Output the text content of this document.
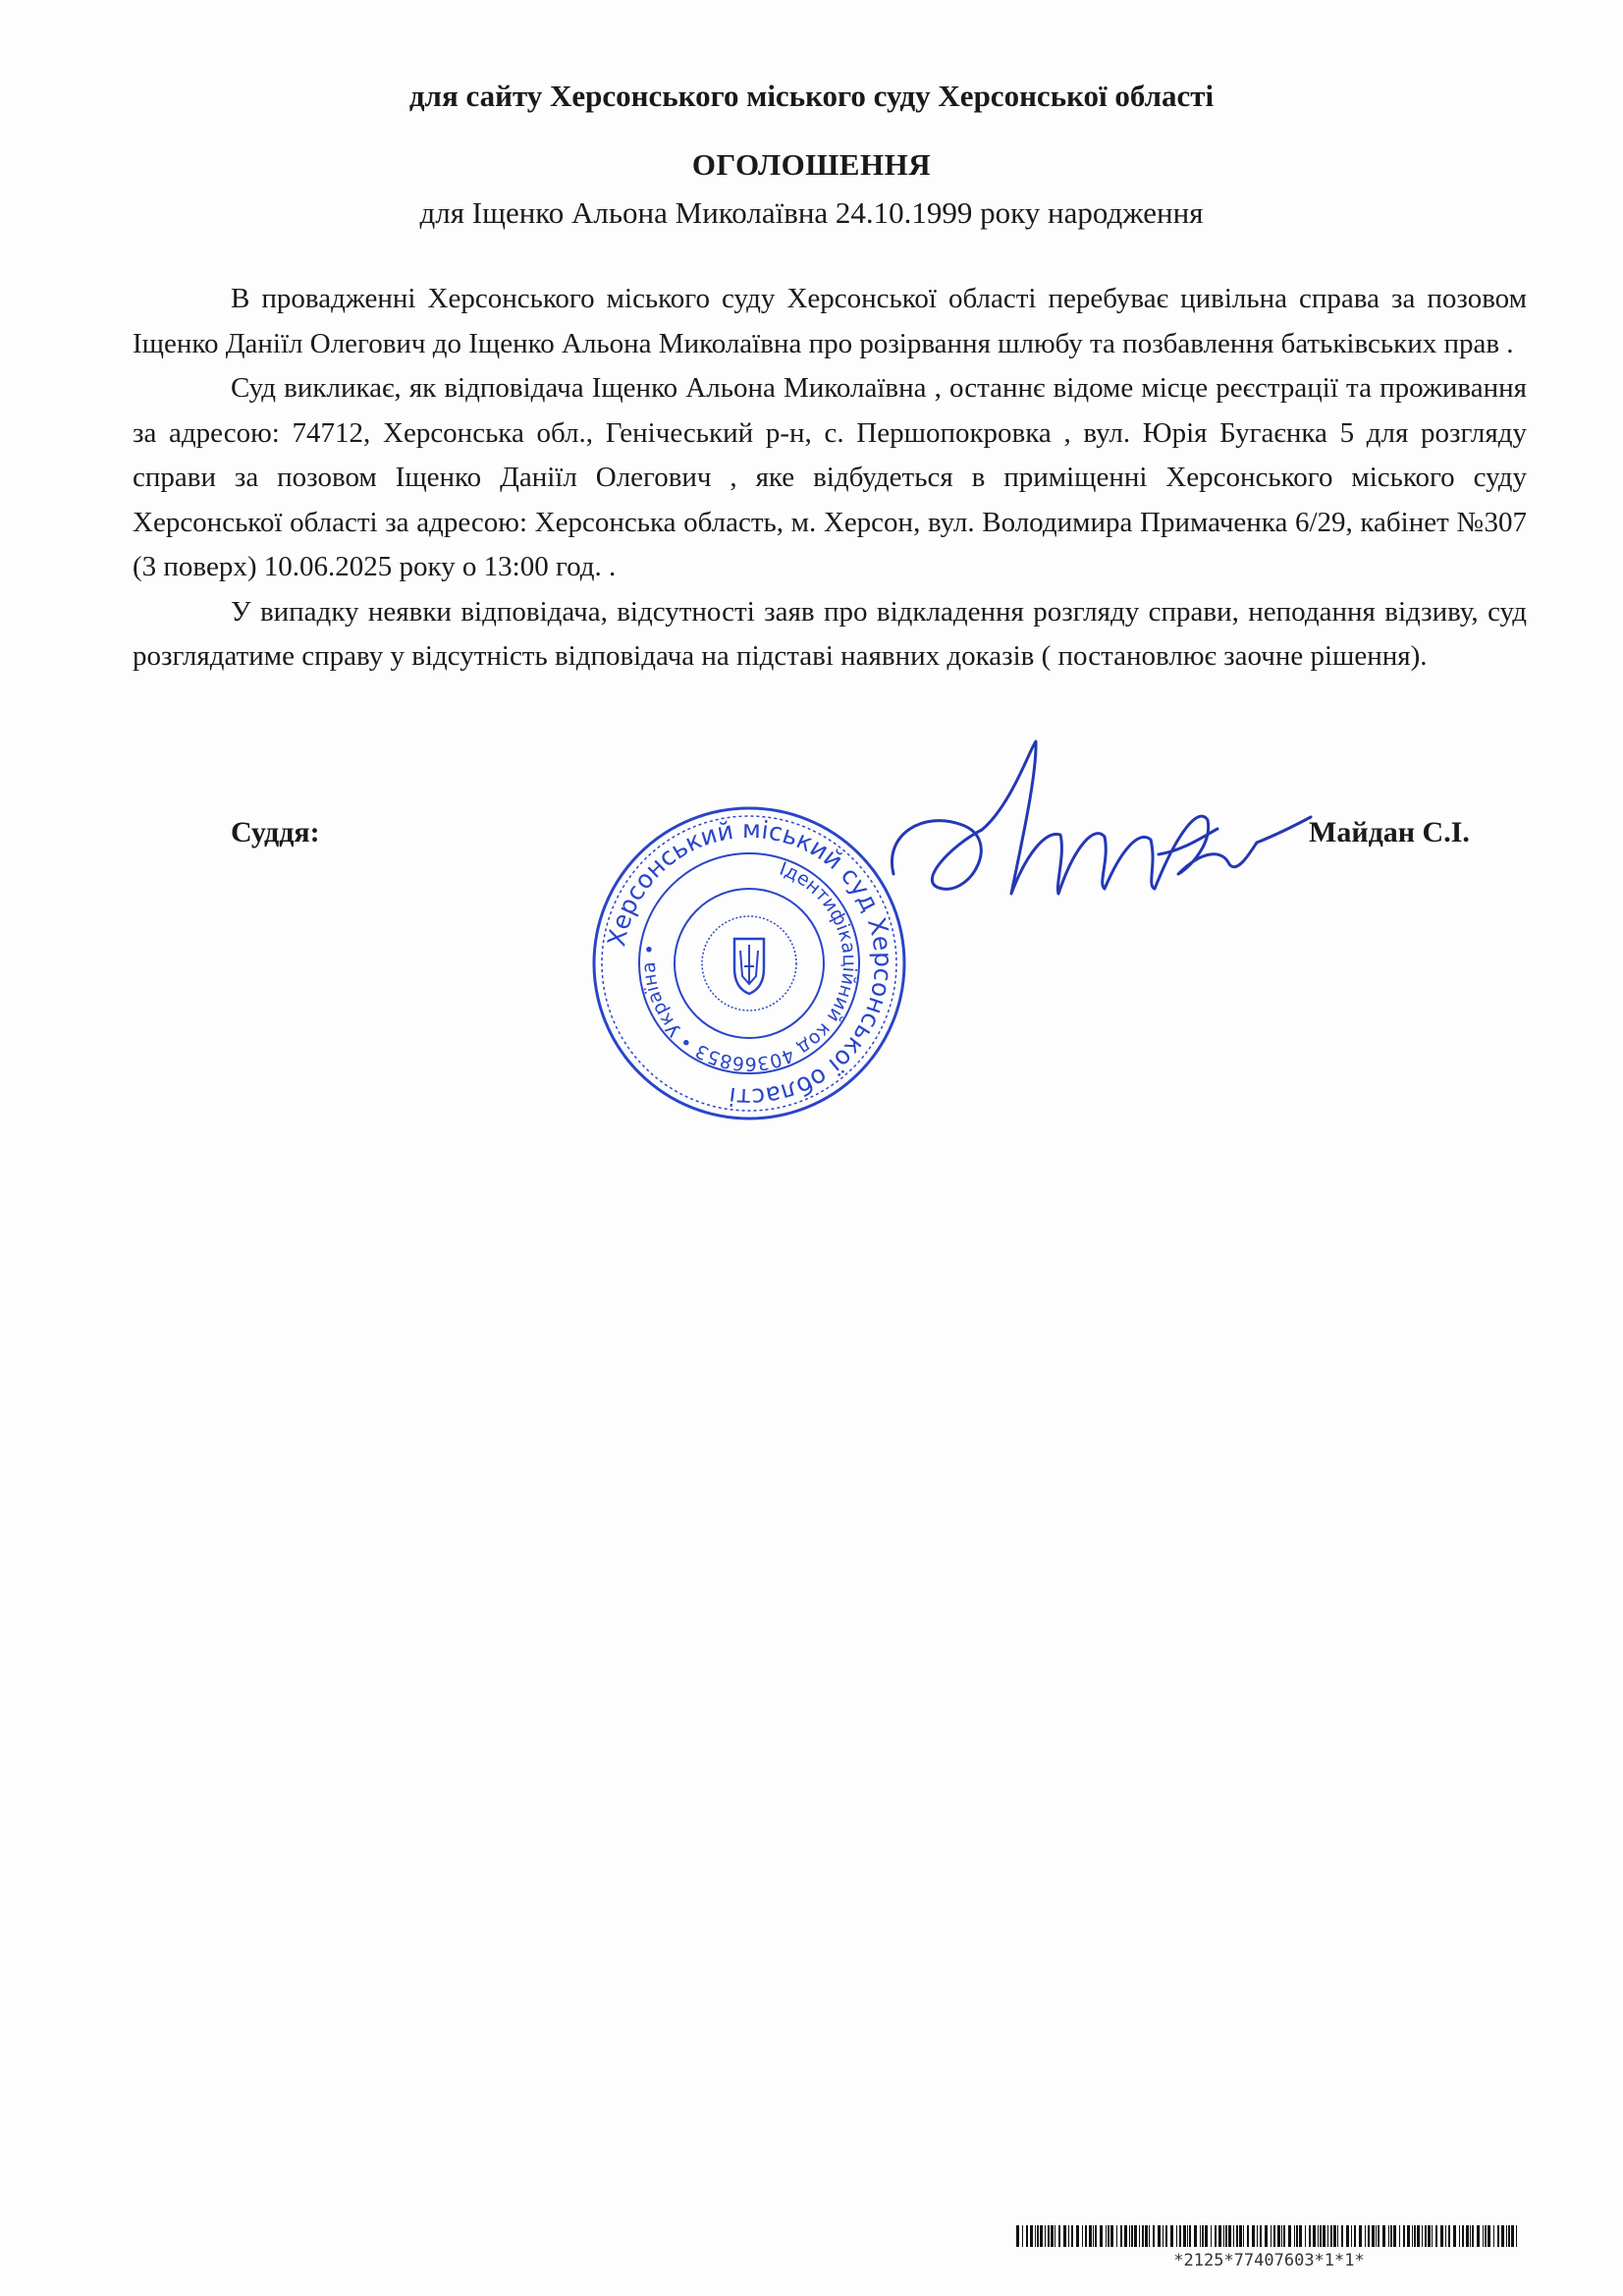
для сайту Херсонського міського суду Херсонської області
ОГОЛОШЕННЯ
для Іщенко Альона Миколаївна 24.10.1999 року народження

В провадженні Херсонського міського суду Херсонської області перебуває цивільна справа за позовом Іщенко Даніїл Олегович до Іщенко Альона Миколаївна про розірвання шлюбу та позбавлення батьківських прав .

Суд викликає, як відповідача Іщенко Альона Миколаївна , останнє відоме місце реєстрації та проживання за адресою: 74712, Херсонська обл., Генічеський р-н, с. Першопокровка , вул. Юрія Бугаєнка 5 для розгляду справи за позовом Іщенко Даніїл Олегович , яке відбудеться в приміщенні Херсонського міського суду Херсонської області за адресою: Херсонська область, м. Херсон, вул. Володимира Примаченка 6/29, кабінет №307 (3 поверх) 10.06.2025 року о 13:00 год. .

У випадку неявки відповідача, відсутності заяв про відкладення розгляду справи, неподання відзиву, суд розглядатиме справу у відсутність відповідача на підставі наявних доказів ( постановлює заочне рішення).

Суддя:	Майдан С.І.
Херсонський міський суд Херсонської області
Ідентифікаційний код 40366853 • Україна •
*2125*77407603*1*1*
